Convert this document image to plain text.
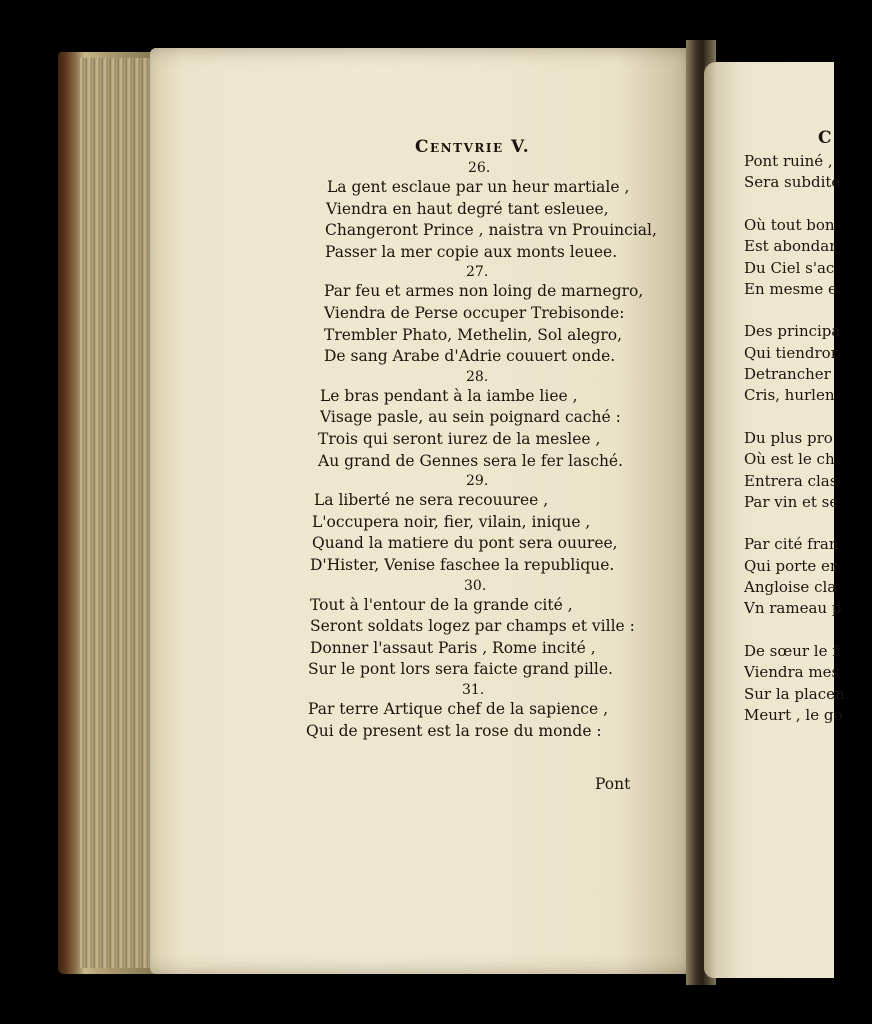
C
Pont ruiné ,
Sera subdite
Où tout bon
Est abondar
Du Ciel s'ac
En mesme e
Des principa
Qui tiendror
Detrancher
Cris, hurlen
Du plus pro
Où est le ch
Entrera clas
Par vin et se
Par cité fran
Qui porte er
Angloise cla
Vn rameau p
De sœur le f
Viendra mes
Sur la placen
Meurt , le go
Centvrie V.
26.
La gent esclaue par un heur martiale ,
Viendra en haut degré tant esleuee,
Changeront Prince , naistra vn Prouincial,
Passer la mer copie aux monts leuee.
27.
Par feu et armes non loing de marnegro,
Viendra de Perse occuper Trebisonde:
Trembler Phato, Methelin, Sol alegro,
De sang Arabe d'Adrie couuert onde.
28.
Le bras pendant à la iambe liee ,
Visage pasle, au sein poignard caché :
Trois qui seront iurez de la meslee ,
Au grand de Gennes sera le fer lasché.
29.
La liberté ne sera recouuree ,
L'occupera noir, fier, vilain, inique ,
Quand la matiere du pont sera ouuree,
D'Hister, Venise faschee la republique.
30.
Tout à l'entour de la grande cité ,
Seront soldats logez par champs et ville :
Donner l'assaut Paris , Rome incité ,
Sur le pont lors sera faicte grand pille.
31.
Par terre Artique chef de la sapience ,
Qui de present est la rose du monde :
Pont
